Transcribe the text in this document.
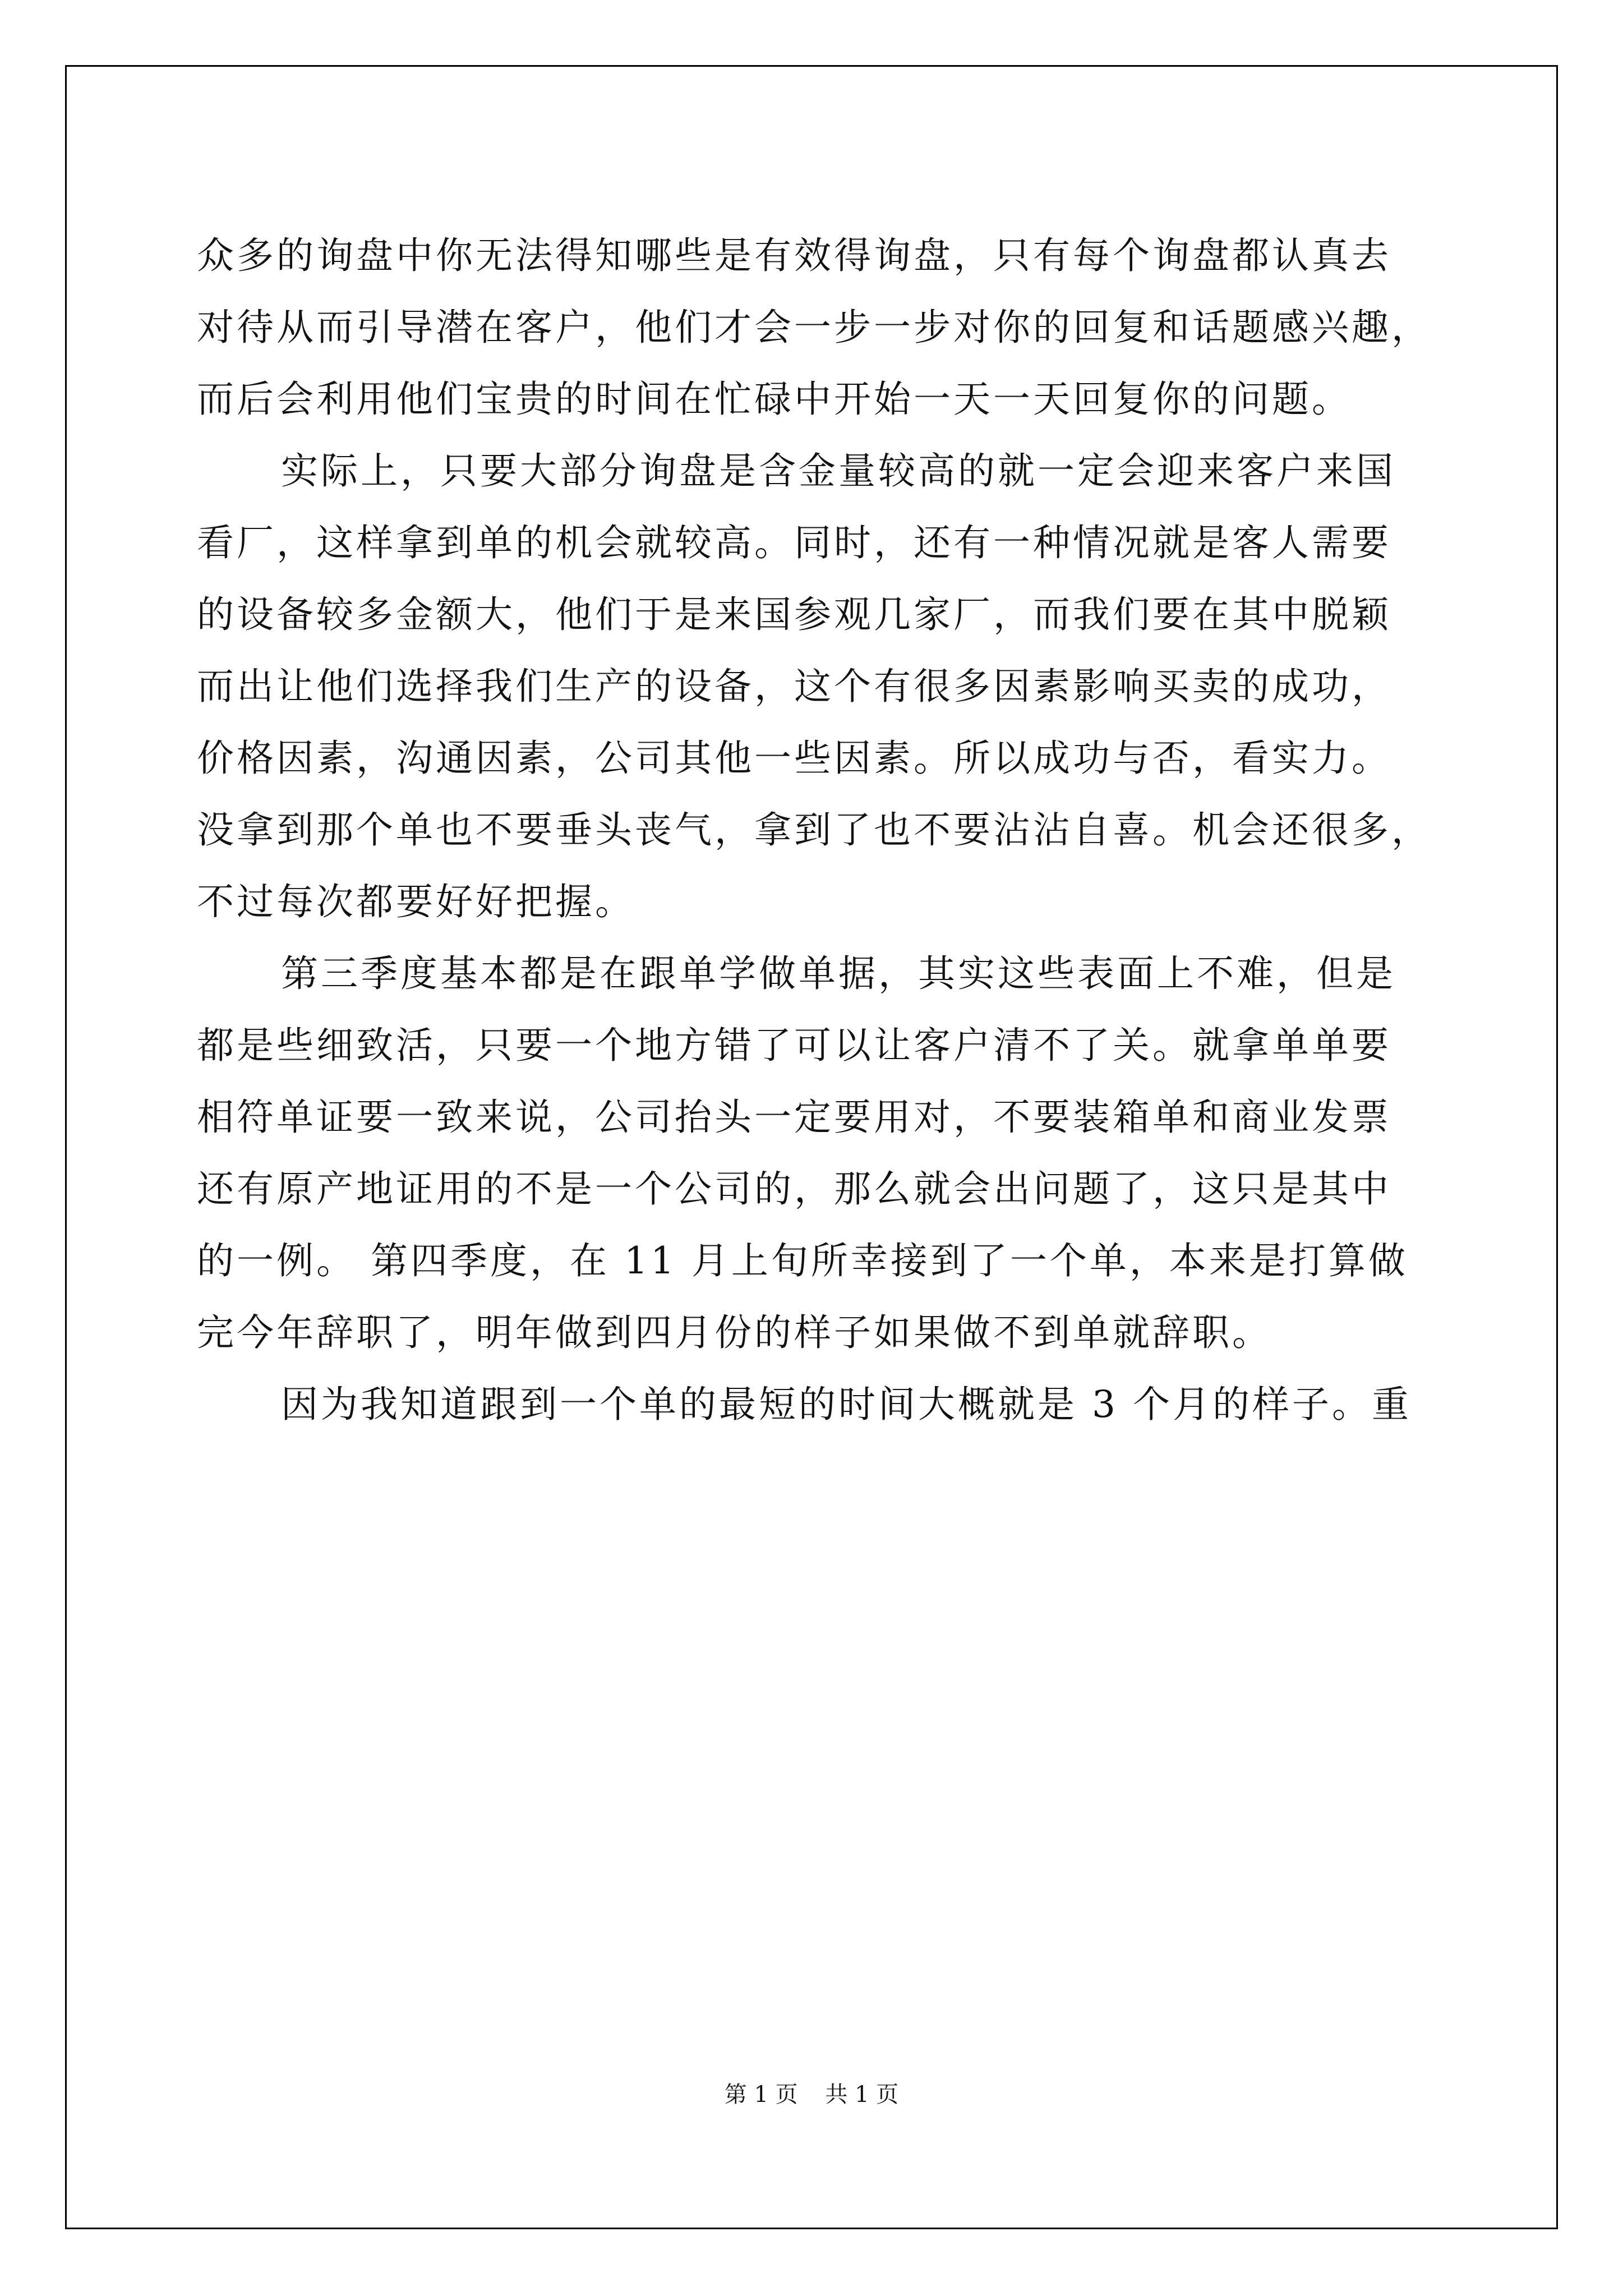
众多的询盘中你无法得知哪些是有效得询盘，只有每个询盘都认真去
对待从而引导潜在客户，他们才会一步一步对你的回复和话题感兴趣，
而后会利用他们宝贵的时间在忙碌中开始一天一天回复你的问题。
实际上，只要大部分询盘是含金量较高的就一定会迎来客户来国
看厂，这样拿到单的机会就较高。同时，还有一种情况就是客人需要
的设备较多金额大，他们于是来国参观几家厂，而我们要在其中脱颖
而出让他们选择我们生产的设备，这个有很多因素影响买卖的成功，
价格因素，沟通因素，公司其他一些因素。所以成功与否，看实力。
没拿到那个单也不要垂头丧气，拿到了也不要沾沾自喜。机会还很多，
不过每次都要好好把握。
第三季度基本都是在跟单学做单据，其实这些表面上不难，但是
都是些细致活，只要一个地方错了可以让客户清不了关。就拿单单要
相符单证要一致来说，公司抬头一定要用对，不要装箱单和商业发票
还有原产地证用的不是一个公司的，那么就会出问题了，这只是其中
的一例。 第四季度，在 11 月上旬所幸接到了一个单，本来是打算做
完今年辞职了，明年做到四月份的样子如果做不到单就辞职。
因为我知道跟到一个单的最短的时间大概就是 3 个月的样子。重
第 1 页 共 1 页
